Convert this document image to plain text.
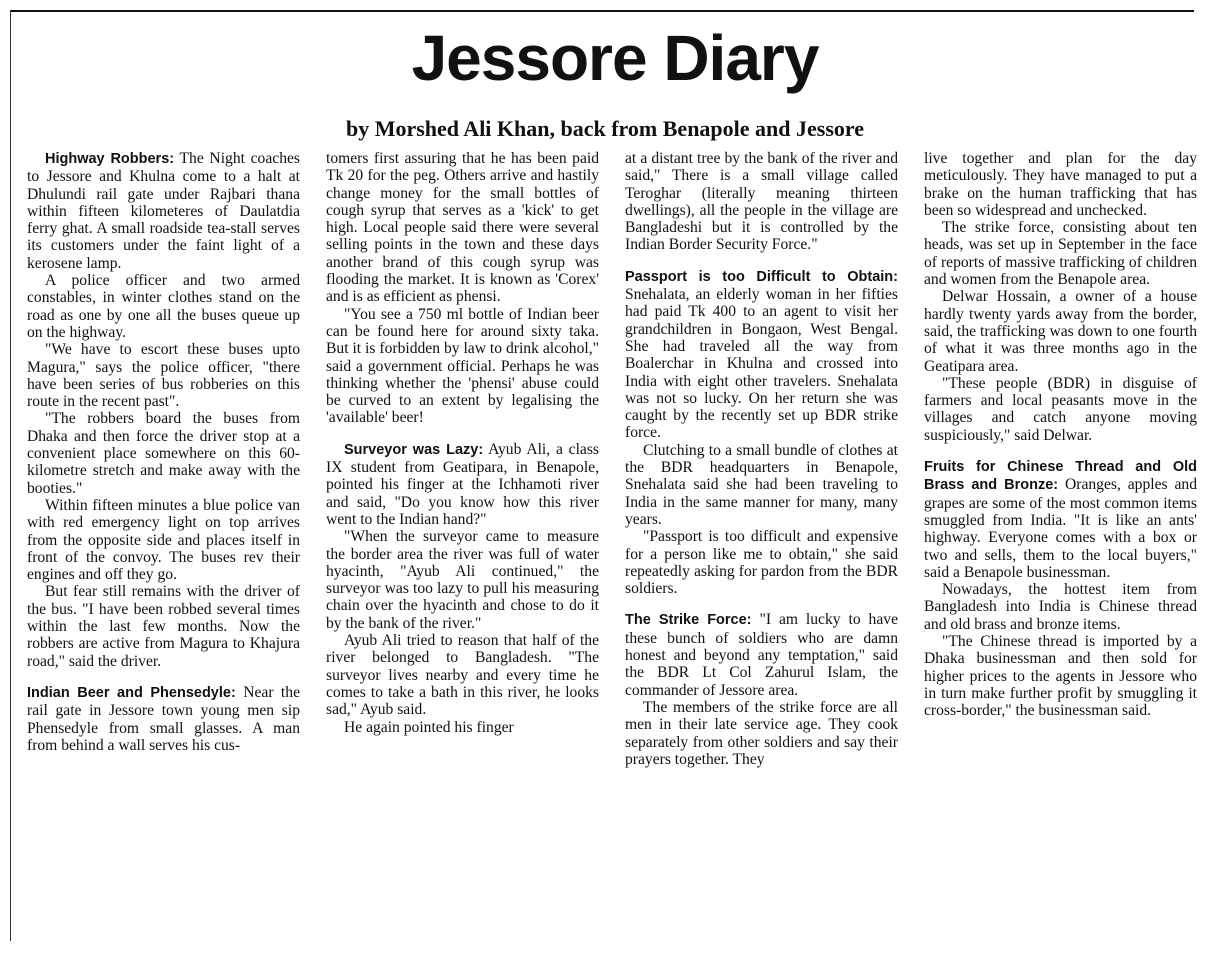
Jessore Diary
by Morshed Ali Khan, back from Benapole and Jessore

Highway Robbers: The Night coaches to Jessore and Khulna come to a halt at Dhulundi rail gate under Rajbari thana within fifteen kilometeres of Daulatdia ferry ghat. A small roadside tea-stall serves its customers under the faint light of a kerosene lamp.

A police officer and two armed constables, in winter clothes stand on the road as one by one all the buses queue up on the highway.

"We have to escort these buses upto Magura," says the police officer, "there have been series of bus robberies on this route in the recent past".

"The robbers board the buses from Dhaka and then force the driver stop at a convenient place somewhere on this 60-kilometre stretch and make away with the booties."

Within fifteen minutes a blue police van with red emergency light on top arrives from the opposite side and places itself in front of the convoy. The buses rev their engines and off they go.

But fear still remains with the driver of the bus. "I have been robbed several times within the last few months. Now the robbers are active from Magura to Khajura road," said the driver.

Indian Beer and Phensedyle: Near the rail gate in Jessore town young men sip Phensedyle from small glasses. A man from behind a wall serves his cus-

tomers first assuring that he has been paid Tk 20 for the peg. Others arrive and hastily change money for the small bottles of cough syrup that serves as a 'kick' to get high. Local people said there were several selling points in the town and these days another brand of this cough syrup was flooding the market. It is known as 'Corex' and is as efficient as phensi.

"You see a 750 ml bottle of Indian beer can be found here for around sixty taka. But it is forbidden by law to drink alcohol," said a government official. Perhaps he was thinking whether the 'phensi' abuse could be curved to an extent by legalising the 'available' beer!

Surveyor was Lazy: Ayub Ali, a class IX student from Geatipara, in Benapole, pointed his finger at the Ichhamoti river and said, "Do you know how this river went to the Indian hand?"

"When the surveyor came to measure the border area the river was full of water hyacinth, "Ayub Ali continued," the surveyor was too lazy to pull his measuring chain over the hyacinth and chose to do it by the bank of the river."

Ayub Ali tried to reason that half of the river belonged to Bangladesh. "The surveyor lives nearby and every time he comes to take a bath in this river, he looks sad," Ayub said.

He again pointed his finger

at a distant tree by the bank of the river and said," There is a small village called Teroghar (literally meaning thirteen dwellings), all the people in the village are Bangladeshi but it is controlled by the Indian Border Security Force."

Passport is too Difficult to Obtain: Snehalata, an elderly woman in her fifties had paid Tk 400 to an agent to visit her grandchildren in Bongaon, West Bengal. She had traveled all the way from Boalerchar in Khulna and crossed into India with eight other travelers. Snehalata was not so lucky. On her return she was caught by the recently set up BDR strike force.

Clutching to a small bundle of clothes at the BDR headquarters in Benapole, Snehalata said she had been traveling to India in the same manner for many, many years.

"Passport is too difficult and expensive for a person like me to obtain," she said repeatedly asking for pardon from the BDR soldiers.

The Strike Force: "I am lucky to have these bunch of soldiers who are damn honest and beyond any temptation," said the BDR Lt Col Zahurul Islam, the commander of Jessore area.

The members of the strike force are all men in their late service age. They cook separately from other soldiers and say their prayers together. They

live together and plan for the day meticulously. They have managed to put a brake on the human trafficking that has been so widespread and unchecked.

The strike force, consisting about ten heads, was set up in September in the face of reports of massive trafficking of children and women from the Benapole area.

Delwar Hossain, a owner of a house hardly twenty yards away from the border, said, the trafficking was down to one fourth of what it was three months ago in the Geatipara area.

"These people (BDR) in disguise of farmers and local peasants move in the villages and catch anyone moving suspiciously," said Delwar.

Fruits for Chinese Thread and Old Brass and Bronze: Oranges, apples and grapes are some of the most common items smuggled from India. "It is like an ants' highway. Everyone comes with a box or two and sells, them to the local buyers," said a Benapole businessman.

Nowadays, the hottest item from Bangladesh into India is Chinese thread and old brass and bronze items.

"The Chinese thread is imported by a Dhaka businessman and then sold for higher prices to the agents in Jessore who in turn make further profit by smuggling it cross-border," the businessman said.
